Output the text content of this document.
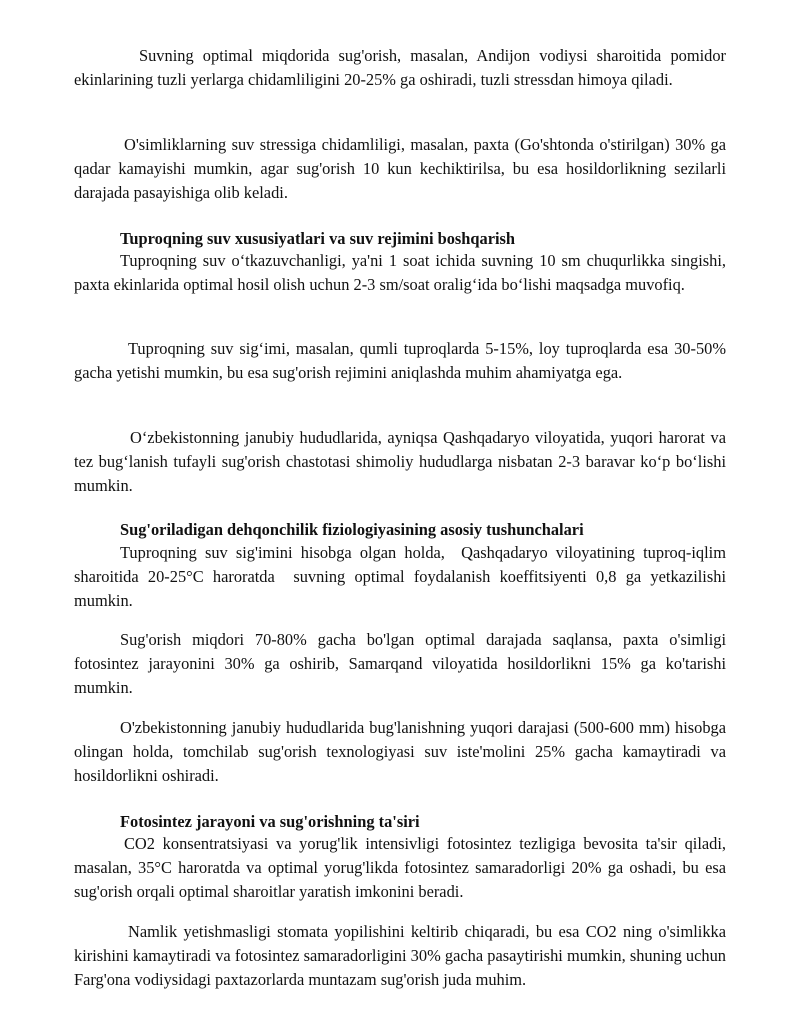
Suvning optimal miqdorida sug'orish, masalan, Andijon vodiysi sharoitida pomidor ekinlarining tuzli yerlarga chidamliligini 20-25% ga oshiradi, tuzli stressdan himoya qiladi.

O'simliklarning suv stressiga chidamliligi, masalan, paxta (Go'shtonda o'stirilgan) 30% ga qadar kamayishi mumkin, agar sug'orish 10 kun kechiktirilsa, bu esa hosildorlikning sezilarli darajada pasayishiga olib keladi.

Tuproqning suv xususiyatlari va suv rejimini boshqarish

Tuproqning suv o‘tkazuvchanligi, ya'ni 1 soat ichida suvning 10 sm chuqurlikka singishi,  paxta ekinlarida optimal hosil olish uchun 2-3 sm/soat oralig‘ida bo‘lishi maqsadga muvofiq.

Tuproqning suv sig‘imi, masalan, qumli tuproqlarda 5-15%, loy tuproqlarda esa 30-50% gacha yetishi mumkin, bu esa sug'orish rejimini aniqlashda muhim ahamiyatga ega.

O‘zbekistonning janubiy hududlarida, ayniqsa Qashqadaryo viloyatida, yuqori harorat va tez bug‘lanish tufayli sug'orish chastotasi shimoliy hududlarga nisbatan 2-3 baravar ko‘p bo‘lishi mumkin.

Sug'oriladigan dehqonchilik fiziologiyasining asosiy tushunchalari

Tuproqning suv sig'imini hisobga olgan holda,  Qashqadaryo viloyatining tuproq-iqlim sharoitida 20-25°C haroratda  suvning optimal foydalanish koeffitsiyenti 0,8 ga yetkazilishi mumkin.

Sug'orish miqdori 70-80% gacha bo'lgan optimal darajada saqlansa, paxta o'simligi fotosintez jarayonini 30% ga oshirib, Samarqand viloyatida hosildorlikni 15% ga ko'tarishi mumkin.

O'zbekistonning janubiy hududlarida bug'lanishning yuqori darajasi (500-600 mm) hisobga olingan holda, tomchilab sug'orish texnologiyasi suv iste'molini 25% gacha kamaytiradi va hosildorlikni oshiradi.

Fotosintez jarayoni va sug'orishning ta'siri

CO2 konsentratsiyasi va yorug'lik intensivligi fotosintez tezligiga bevosita ta'sir qiladi,  masalan, 35°C haroratda va optimal yorug'likda fotosintez samaradorligi 20% ga oshadi, bu esa  sug'orish orqali optimal sharoitlar yaratish imkonini beradi.

Namlik yetishmasligi stomata yopilishini keltirib chiqaradi, bu esa CO2 ning o'simlikka kirishini kamaytiradi va fotosintez samaradorligini 30% gacha pasaytirishi mumkin, shuning uchun Farg'ona vodiysidagi paxtazorlarda muntazam sug'orish juda muhim.
